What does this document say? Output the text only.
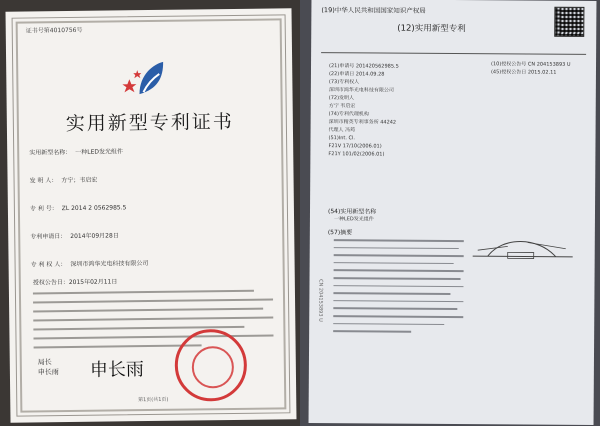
证书号第4010756号
实用新型专利证书
实用新型名称： 一种LED发光组件
发 明 人： 方宁；韦启宏
专 利 号： ZL 2014 2 0562985.5
专利申请日： 2014年09月28日
专 利 权 人： 深圳市鸿华光电科技有限公司
授权公告日：2015年02月11日
局长
申长雨 申长雨
第1页(共1页)
(19)中华人民共和国国家知识产权局
(12)实用新型专利
(10)授权公告号 CN 204153893 U
(45)授权公告日 2015.02.11
(21)申请号 201420562985.5
(22)申请日 2014.09.28
(73)专利权人
深圳市鸿华光电科技有限公司
(72)发明人
方宁 韦启宏
(74)专利代理机构
深圳市精英专利事务所 44242
代理人 冯筠
(51)Int. Cl.
F21V 17/10(2006.01)
F21Y 101/02(2006.01)
(54)实用新型名称
一种LED发光组件
(57)摘要
CN 204153893 U
